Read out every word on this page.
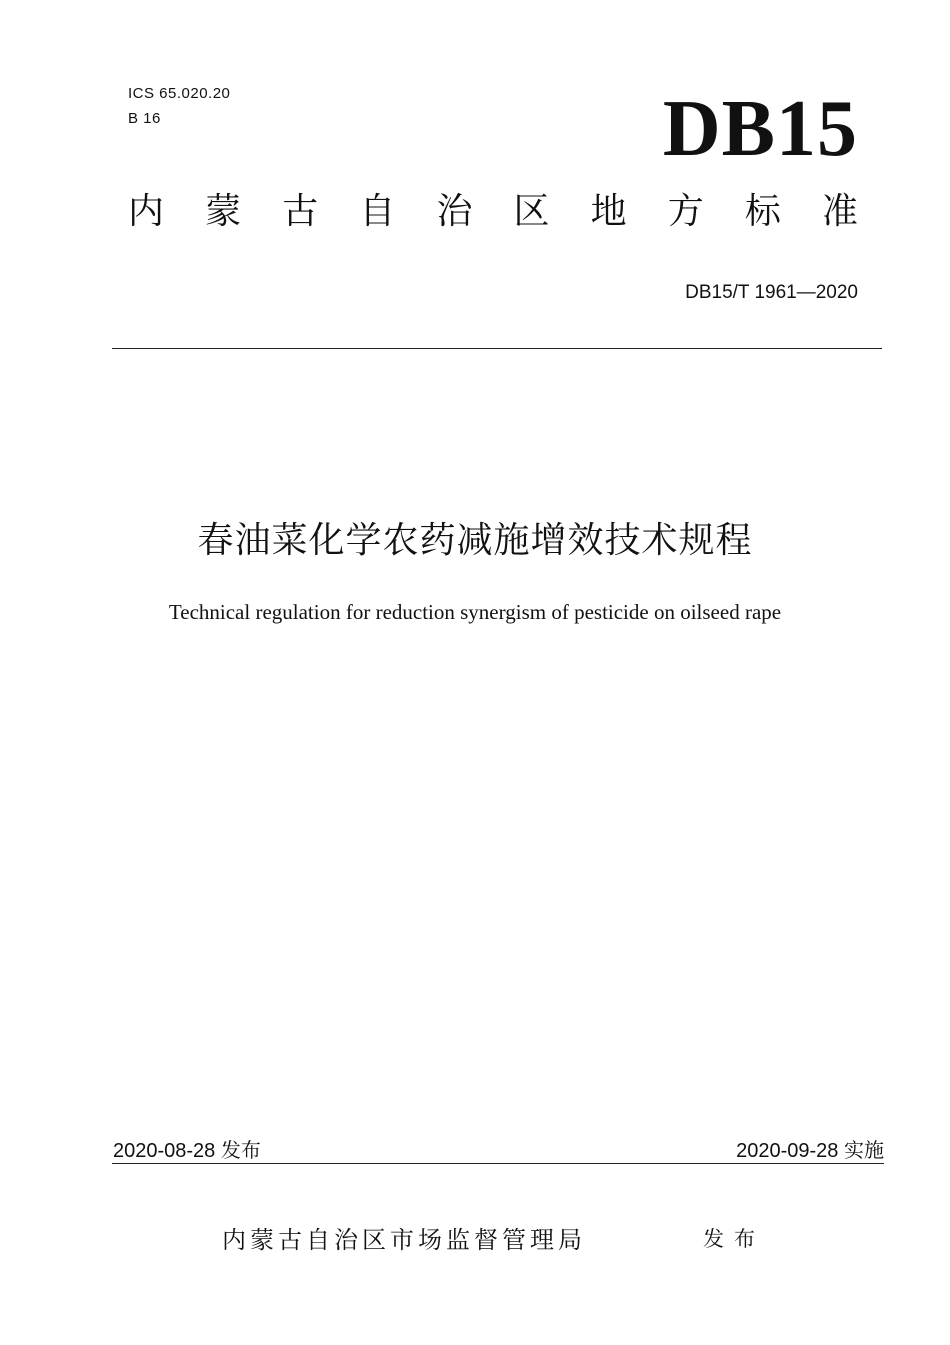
ICS 65.020.20
B 16	DB15
内 蒙 古 自 治 区 地 方 标 准
DB15/T 1961—2020
春油菜化学农药减施增效技术规程
Technical regulation for reduction synergism of pesticide on oilseed rape
2020-08-28 发布	2020-09-28 实施
内蒙古自治区市场监督管理局	发布
